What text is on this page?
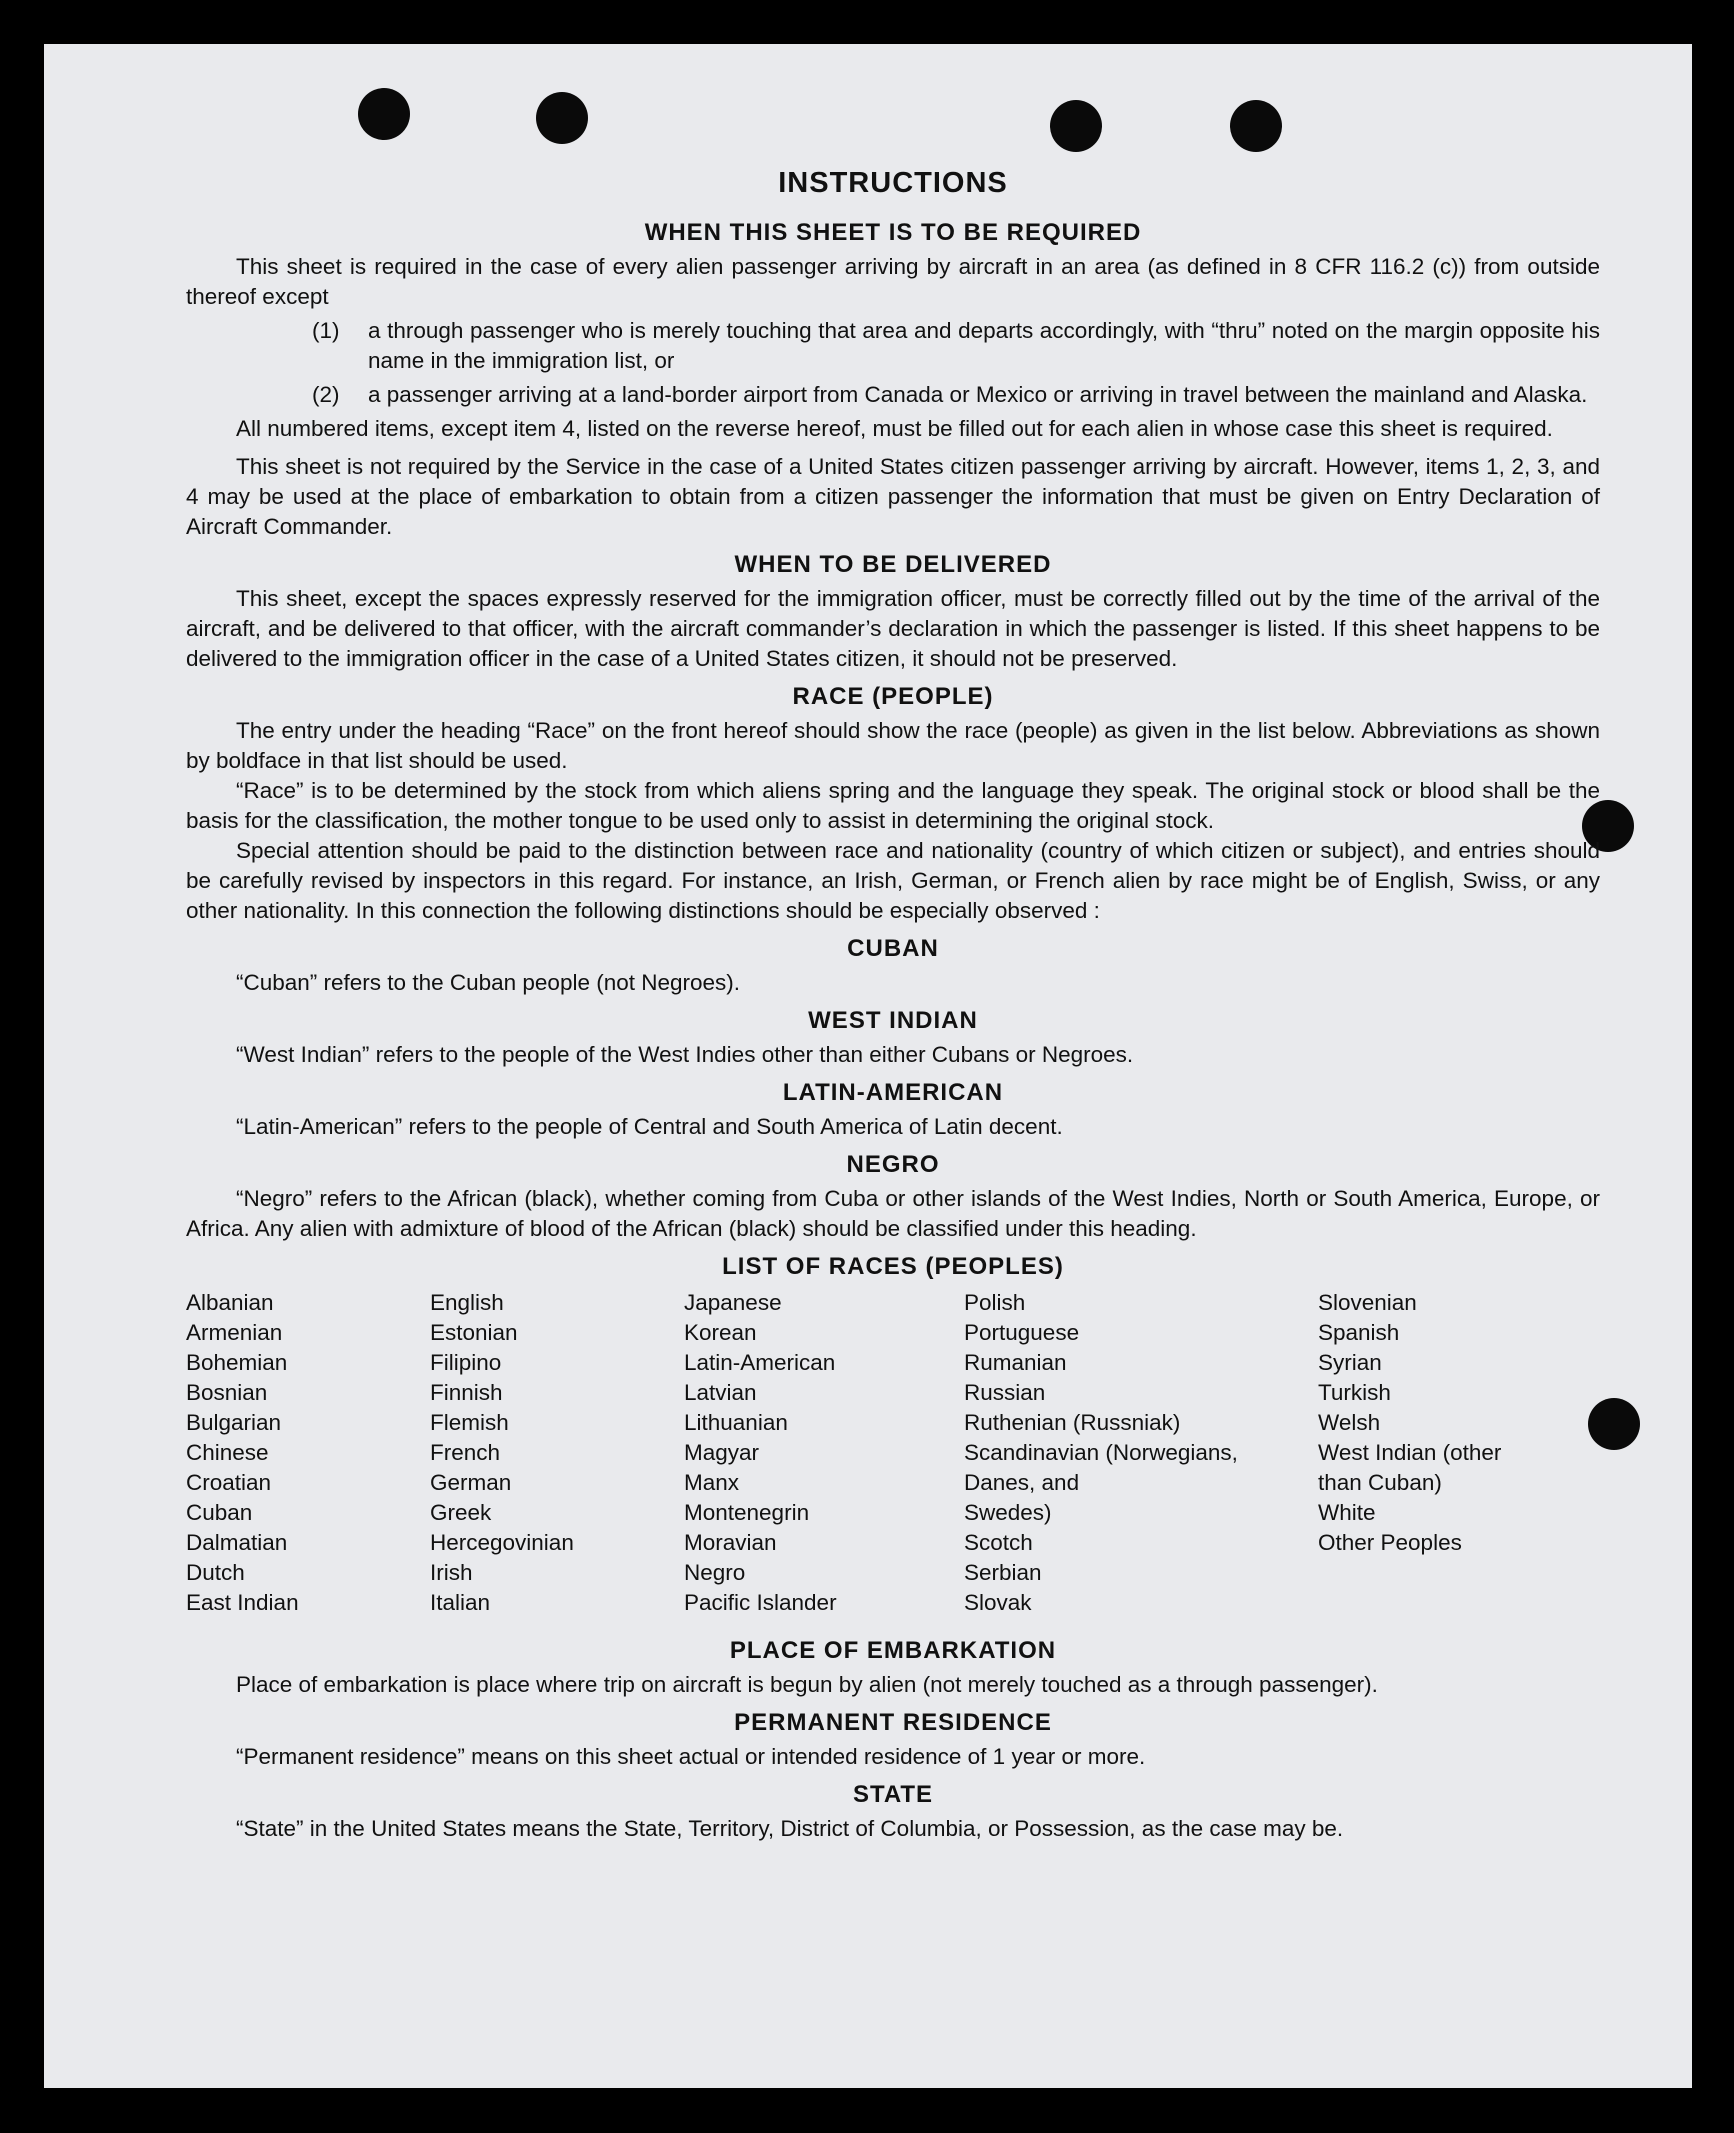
INSTRUCTIONS
WHEN THIS SHEET IS TO BE REQUIRED

This sheet is required in the case of every alien passenger arriving by aircraft in an area (as defined in 8 CFR 116.2 (c)) from outside thereof except

(1)	a through passenger who is merely touching that area and departs accordingly, with “thru” noted on the margin opposite his name in the immigration list, or
(2)	a passenger arriving at a land-border airport from Canada or Mexico or arriving in travel between the mainland and Alaska.

All numbered items, except item 4, listed on the reverse hereof, must be filled out for each alien in whose case this sheet is required.

This sheet is not required by the Service in the case of a United States citizen passenger arriving by aircraft. However, items 1, 2, 3, and 4 may be used at the place of embarkation to obtain from a citizen passenger the information that must be given on Entry Declaration of Aircraft Commander.

WHEN TO BE DELIVERED

This sheet, except the spaces expressly reserved for the immigration officer, must be correctly filled out by the time of the arrival of the aircraft, and be delivered to that officer, with the aircraft commander’s declaration in which the passenger is listed. If this sheet happens to be delivered to the immigration officer in the case of a United States citizen, it should not be preserved.

RACE (PEOPLE)

The entry under the heading “Race” on the front hereof should show the race (people) as given in the list below. Abbreviations as shown by boldface in that list should be used.

“Race” is to be determined by the stock from which aliens spring and the language they speak. The original stock or blood shall be the basis for the classification, the mother tongue to be used only to assist in determining the original stock.

Special attention should be paid to the distinction between race and nationality (country of which citizen or subject), and entries should be carefully revised by inspectors in this regard. For instance, an Irish, German, or French alien by race might be of English, Swiss, or any other nationality. In this connection the following distinctions should be especially observed :

CUBAN

“Cuban” refers to the Cuban people (not Negroes).

WEST INDIAN

“West Indian” refers to the people of the West Indies other than either Cubans or Negroes.

LATIN-AMERICAN

“Latin-American” refers to the people of Central and South America of Latin decent.

NEGRO

“Negro” refers to the African (black), whether coming from Cuba or other islands of the West Indies, North or South America, Europe, or Africa. Any alien with admixture of blood of the African (black) should be classified under this heading.

LIST OF RACES (PEOPLES)
Albanian
Armenian
Bohemian
Bosnian
Bulgarian
Chinese
Croatian
Cuban
Dalmatian
Dutch
East Indian
English
Estonian
Filipino
Finnish
Flemish
French
German
Greek
Hercegovinian
Irish
Italian
Japanese
Korean
Latin-American
Latvian
Lithuanian
Magyar
Manx
Montenegrin
Moravian
Negro
Pacific Islander
Polish
Portuguese
Rumanian
Russian
Ruthenian (Russniak)
Scandinavian (Norwegians,
Danes, and
Swedes)
Scotch
Serbian
Slovak
Slovenian
Spanish
Syrian
Turkish
Welsh
West Indian (other
than Cuban)
White
Other Peoples
PLACE OF EMBARKATION

Place of embarkation is place where trip on aircraft is begun by alien (not merely touched as a through passenger).

PERMANENT RESIDENCE

“Permanent residence” means on this sheet actual or intended residence of 1 year or more.

STATE

“State” in the United States means the State, Territory, District of Columbia, or Possession, as the case may be.
